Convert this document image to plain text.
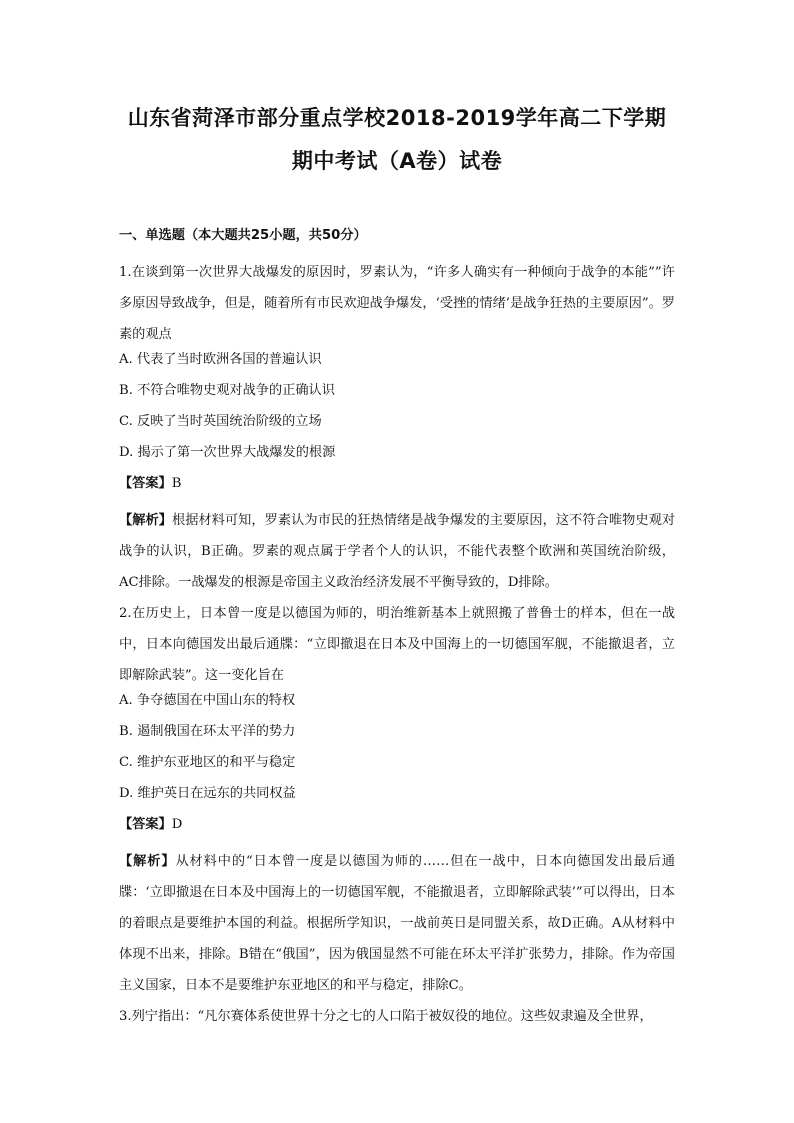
山东省菏泽市部分重点学校2018-2019学年高二下学期
期中考试（A卷）试卷

一、单选题（本大题共25小题，共50分）

1.在谈到第一次世界大战爆发的原因时，罗素认为，“许多人确实有一种倾向于战争的本能””许多原因导致战争，但是，随着所有市民欢迎战争爆发，‘受挫的情绪’是战争狂热的主要原因”。罗素的观点

A. 代表了当时欧洲各国的普遍认识

B. 不符合唯物史观对战争的正确认识

C. 反映了当时英国统治阶级的立场

D. 揭示了第一次世界大战爆发的根源

【答案】B

【解析】根据材料可知，罗素认为市民的狂热情绪是战争爆发的主要原因，这不符合唯物史观对战争的认识，B正确。罗素的观点属于学者个人的认识，不能代表整个欧洲和英国统治阶级，AC排除。一战爆发的根源是帝国主义政治经济发展不平衡导致的，D排除。

2.在历史上，日本曾一度是以德国为师的，明治维新基本上就照搬了普鲁士的样本，但在一战中，日本向德国发出最后通牒：“立即撤退在日本及中国海上的一切德国军舰，不能撤退者，立即解除武装”。这一变化旨在

A. 争夺德国在中国山东的特权

B. 遏制俄国在环太平洋的势力

C. 维护东亚地区的和平与稳定

D. 维护英日在远东的共同权益

【答案】D

【解析】从材料中的“日本曾一度是以德国为师的……但在一战中，日本向德国发出最后通牒：‘立即撤退在日本及中国海上的一切德国军舰，不能撤退者，立即解除武装’”可以得出，日本的着眼点是要维护本国的利益。根据所学知识，一战前英日是同盟关系，故D正确。A从材料中体现不出来，排除。B错在“俄国”，因为俄国显然不可能在环太平洋扩张势力，排除。作为帝国主义国家，日本不是要维护东亚地区的和平与稳定，排除C。

3.列宁指出：“凡尔赛体系使世界十分之七的人口陷于被奴役的地位。这些奴隶遍及全世界，
